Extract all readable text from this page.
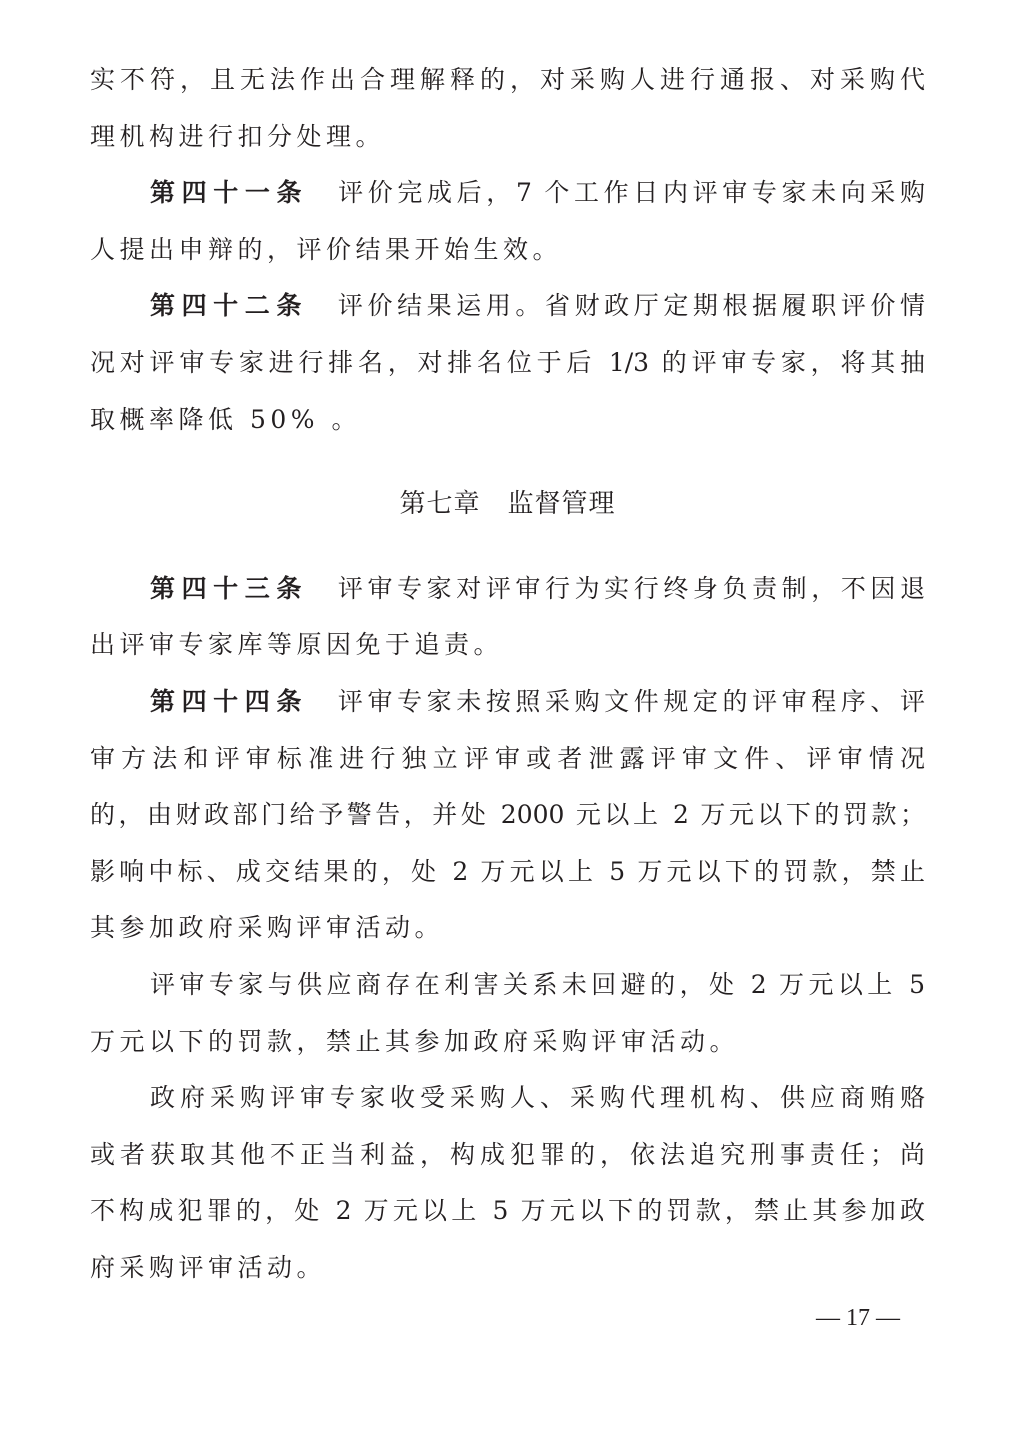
实不符，且无法作出合理解释的，对采购人进行通报、对采购代
理机构进行扣分处理。
第四十一条 评价完成后，7 个工作日内评审专家未向采购
人提出申辩的，评价结果开始生效。
第四十二条 评价结果运用。省财政厅定期根据履职评价情
况对评审专家进行排名，对排名位于后 1/3 的评审专家，将其抽
取概率降低 50% 。
第七章　监督管理
第四十三条 评审专家对评审行为实行终身负责制，不因退
出评审专家库等原因免于追责。
第四十四条 评审专家未按照采购文件规定的评审程序、评
审方法和评审标准进行独立评审或者泄露评审文件、评审情况
的，由财政部门给予警告，并处 2000 元以上 2 万元以下的罚款；
影响中标、成交结果的，处 2 万元以上 5 万元以下的罚款，禁止
其参加政府采购评审活动。
评审专家与供应商存在利害关系未回避的，处 2 万元以上 5
万元以下的罚款，禁止其参加政府采购评审活动。
政府采购评审专家收受采购人、采购代理机构、供应商贿赂
或者获取其他不正当利益，构成犯罪的，依法追究刑事责任；尚
不构成犯罪的，处 2 万元以上 5 万元以下的罚款，禁止其参加政
府采购评审活动。
— 17 —
